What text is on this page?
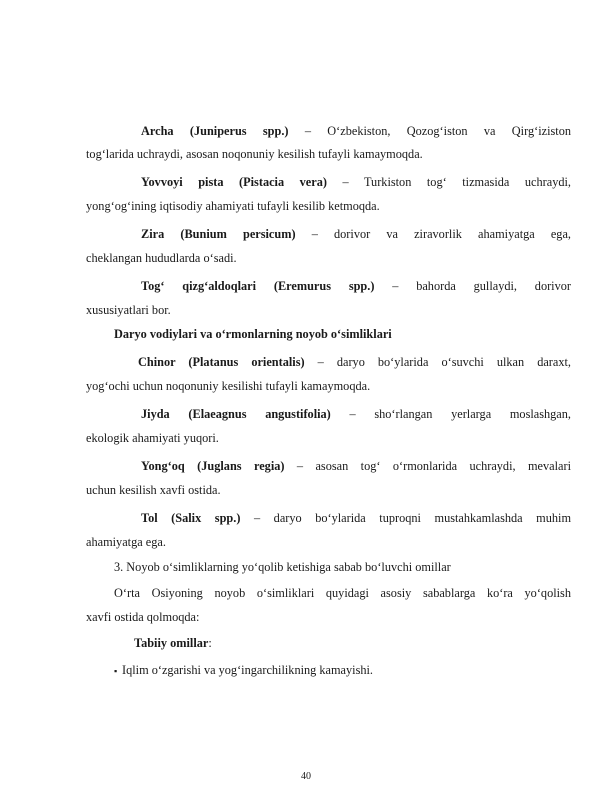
Archa (Juniperus spp.) – O‘zbekiston, Qozog‘iston va Qirg‘iziston
tog‘larida uchraydi, asosan noqonuniy kesilish tufayli kamaymoqda.
Yovvoyi pista (Pistacia vera) – Turkiston tog‘ tizmasida uchraydi,
yong‘og‘ining iqtisodiy ahamiyati tufayli kesilib ketmoqda.
Zira (Bunium persicum) – dorivor va ziravorlik ahamiyatga ega,
cheklangan hududlarda o‘sadi.
Tog‘ qizg‘aldoqlari (Eremurus spp.) – bahorda gullaydi, dorivor
xususiyatlari bor.
Daryo vodiylari va o‘rmonlarning noyob o‘simliklari
Chinor (Platanus orientalis) – daryo bo‘ylarida o‘suvchi ulkan daraxt,
yog‘ochi uchun noqonuniy kesilishi tufayli kamaymoqda.
Jiyda (Elaeagnus angustifolia) – sho‘rlangan yerlarga moslashgan,
ekologik ahamiyati yuqori.
Yong‘oq (Juglans regia) – asosan tog‘ o‘rmonlarida uchraydi, mevalari
uchun kesilish xavfi ostida.
Tol (Salix spp.) – daryo bo‘ylarida tuproqni mustahkamlashda muhim
ahamiyatga ega.
3. Noyob o‘simliklarning yo‘qolib ketishiga sabab bo‘luvchi omillar
O‘rta Osiyoning noyob o‘simliklari quyidagi asosiy sabablarga ko‘ra yo‘qolish
xavfi ostida qolmoqda:
Tabiiy omillar:
▪ Iqlim o‘zgarishi va yog‘ingarchilikning kamayishi.
40
